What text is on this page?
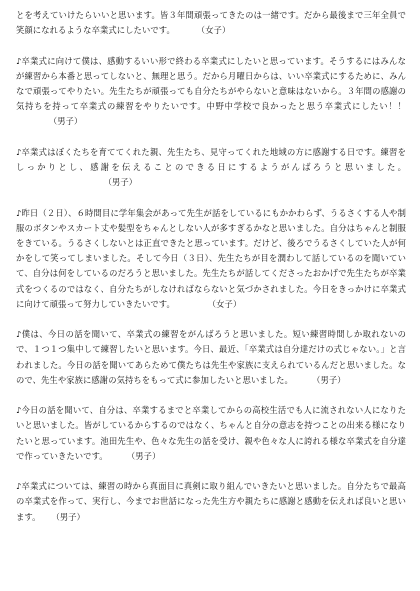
とを考えていけたらいいと思います。皆３年間頑張ってきたのは一緒です。だから最後まで三年全員で笑顔になれるような卒業式にしたいです。	（女子）

♪卒業式に向けて僕は、感動するいい形で終わる卒業式にしたいと思っています。そうするにはみんなが練習から本番と思ってしないと、無理と思う。だから月曜日からは、いい卒業式にするために、みんなで頑張ってやりたい。先生たちが頑張っても自分たちがやらないと意味はないから。３年間の感謝の気持ちを持って卒業式の練習をやりたいです。中野中学校で良かったと思う卒業式にしたい！！            （男子）

♪卒業式はぼくたちを育ててくれた親、先生たち、見守ってくれた地域の方に感謝する日です。練習をしっかりとし、感謝を伝えることのできる日にするようがんばろうと思いました。                                （男子）

♪昨日（２日）、６時間目に学年集会があって先生が話をしているにもかかわらず、うるさくする人や制服のボタンやスカート丈や髪型をちゃんとしない人が多すぎるかなと思いました。自分はちゃんと制服をきている。うるさくしないとは正直できたと思っています。だけど、後ろでうるさくしていた人が何かをして笑ってしまいました。そして今日（３日）、先生たちが目を潤わして話しているのを聞いていて、自分は何をしているのだろうと思いました。先生たちが話してくださったおかげで先生たちが卒業式をつくるのではなく、自分たちがしなければならないと気づかされました。今日をきっかけに卒業式に向けて頑張って努力していきたいです。	（女子）

♪僕は、今日の話を聞いて、卒業式の練習をがんばろうと思いました。短い練習時間しか取れないので、１つ１つ集中して練習したいと思います。今日、最近、「卒業式は自分達だけの式じゃない。」と言われました。今日の話を聞いてあらためて僕たちは先生や家族に支えられているんだと思いました。なので、先生や家族に感謝の気持ちをもって式に参加したいと思いました。 （男子）

♪今日の話を聞いて、自分は、卒業するまでと卒業してからの高校生活でも人に流されない人になりたいと思いました。皆がしているからするのではなく、ちゃんと自分の意志を持つことの出来る様になりたいと思っています。池田先生や、色々な先生の話を受け、親や色々な人に誇れる様な卒業式を自分達で作っていきたいです。 （男子）

♪卒業式については、練習の時から真面目に真剣に取り組んでいきたいと思いました。自分たちで最高の卒業式を作って、実行し、今までお世話になった先生方や親たちに感謝と感動を伝えれば良いと思います。 （男子）
